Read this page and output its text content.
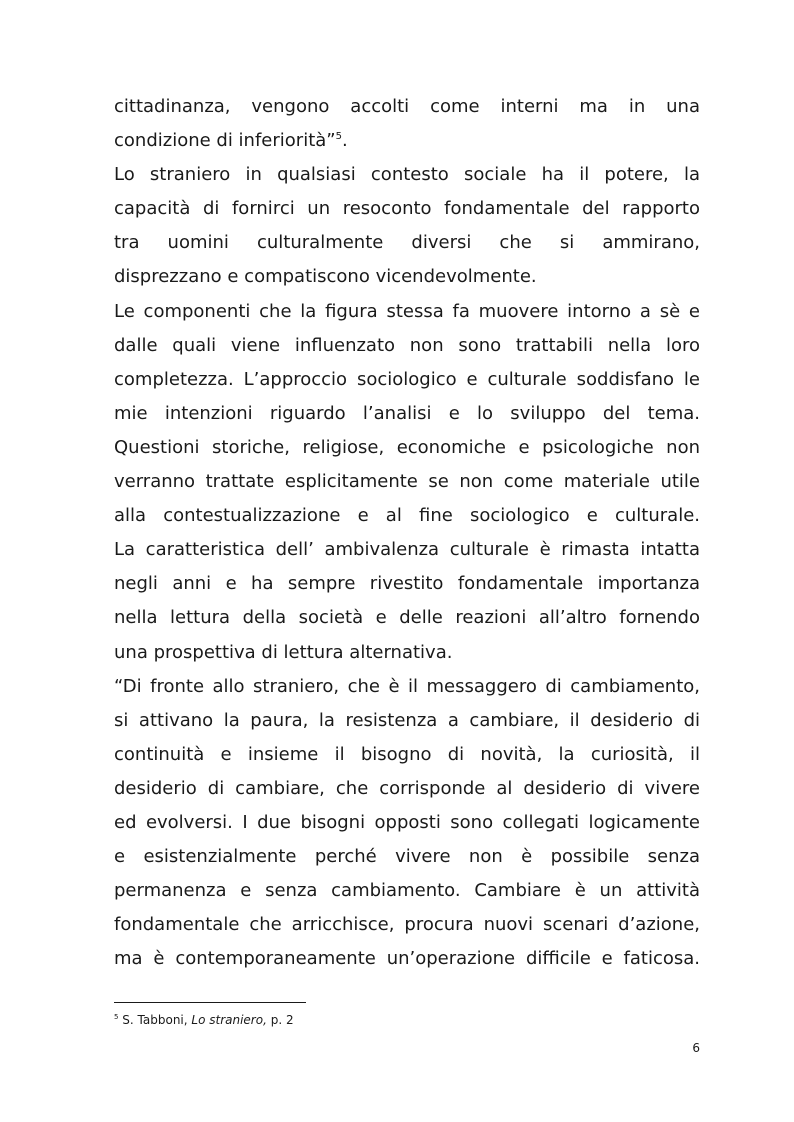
cittadinanza, vengono accolti come interni ma in una
condizione di inferiorità”$^5$.
Lo straniero in qualsiasi contesto sociale ha il potere, la
capacità di fornirci un resoconto fondamentale del rapporto
tra uomini culturalmente diversi che si ammirano,
disprezzano e compatiscono vicendevolmente.
Le componenti che la figura stessa fa muovere intorno a sè e
dalle quali viene influenzato non sono trattabili nella loro
completezza. L’approccio sociologico e culturale soddisfano le
mie intenzioni riguardo l’analisi e lo sviluppo del tema.
Questioni storiche, religiose, economiche e psicologiche non
verranno trattate esplicitamente se non come materiale utile
alla contestualizzazione e al fine sociologico e culturale.
La caratteristica dell’ ambivalenza culturale è rimasta intatta
negli anni e ha sempre rivestito fondamentale importanza
nella lettura della società e delle reazioni all’altro fornendo
una prospettiva di lettura alternativa.
“Di fronte allo straniero, che è il messaggero di cambiamento,
si attivano la paura, la resistenza a cambiare, il desiderio di
continuità e insieme il bisogno di novità, la curiosità, il
desiderio di cambiare, che corrisponde al desiderio di vivere
ed evolversi. I due bisogni opposti sono collegati logicamente
e esistenzialmente perché vivere non è possibile senza
permanenza e senza cambiamento. Cambiare è un attività
fondamentale che arricchisce, procura nuovi scenari d’azione,
ma è contemporaneamente un’operazione difficile e faticosa.
$^5$ S. Tabboni, Lo straniero, p. 2
6
